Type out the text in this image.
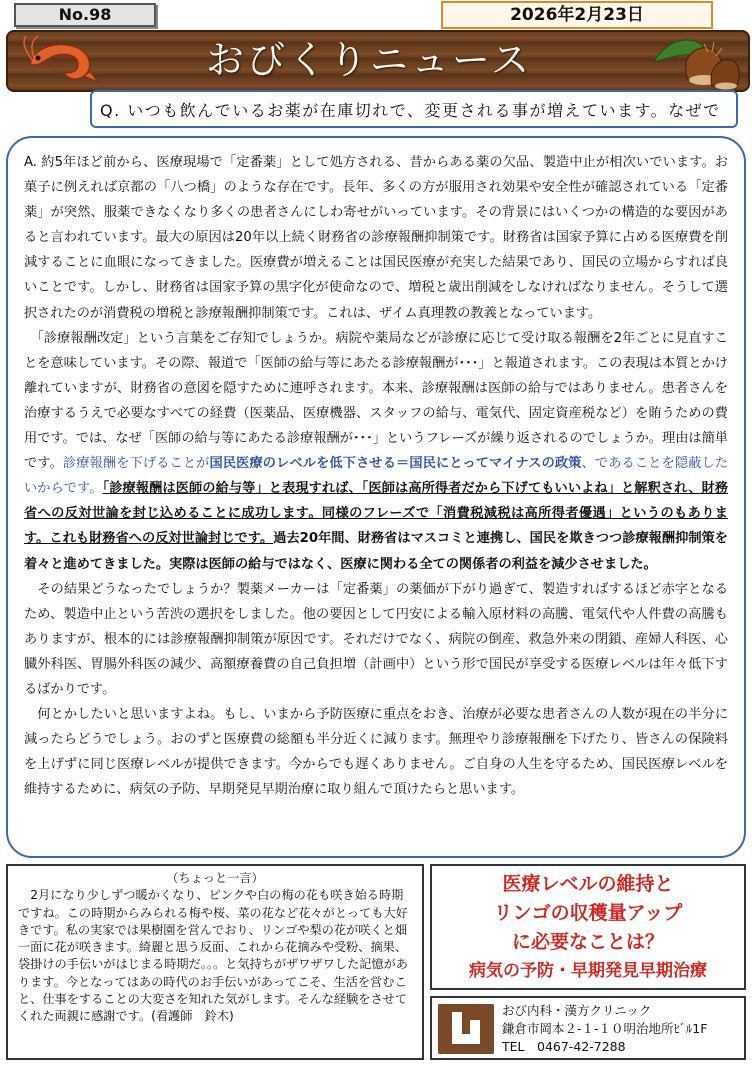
No.98	2026年2月23日
おびくりニュース
Q. いつも飲んでいるお薬が在庫切れで、変更される事が増えています。なぜで

A. 約5年ほど前から、医療現場で「定番薬」として処方される、昔からある薬の欠品、製造中止が相次いでいます。お菓子に例えれば京都の「八つ橋」のような存在です。長年、多くの方が服用され効果や安全性が確認されている「定番薬」が突然、服薬できなくなり多くの患者さんにしわ寄せがいっています。その背景にはいくつかの構造的な要因があると言われています。最大の原因は20年以上続く財務省の診療報酬抑制策です。財務省は国家予算に占める医療費を削減することに血眼になってきました。医療費が増えることは国民医療が充実した結果であり、国民の立場からすれば良いことです。しかし、財務省は国家予算の黒字化が使命なので、増税と歳出削減をしなければなりません。そうして選択されたのが消費税の増税と診療報酬抑制策です。これは、ザイム真理教の教義となっています。

　「診療報酬改定」という言葉をご存知でしょうか。病院や薬局などが診療に応じて受け取る報酬を2年ごとに見直すことを意味しています。その際、報道で「医師の給与等にあたる診療報酬が･･･」と報道されます。この表現は本質とかけ離れていますが、財務省の意図を隠すために連呼されます。本来、診療報酬は医師の給与ではありません。患者さんを治療するうえで必要なすべての経費（医薬品、医療機器、スタッフの給与、電気代、固定資産税など）を賄うための費用です。では、なぜ「医師の給与等にあたる診療報酬が･･･」というフレーズが繰り返されるのでしょうか。理由は簡単です。診療報酬を下げることが国民医療のレベルを低下させる＝国民にとってマイナスの政策、であることを隠蔽したいからです。「診療報酬は医師の給与等」と表現すれば、「医師は高所得者だから下げてもいいよね」と解釈され、財務省への反対世論を封じ込めることに成功します。同様のフレーズで「消費税減税は高所得者優遇」というのもあります。これも財務省への反対世論封じです。過去20年間、財務省はマスコミと連携し、国民を欺きつつ診療報酬抑制策を着々と進めてきました。実際は医師の給与ではなく、医療に関わる全ての関係者の利益を減少させました。

　その結果どうなったでしょうか？製薬メーカーは「定番薬」の薬価が下がり過ぎて、製造すればするほど赤字となるため、製造中止という苦渋の選択をしました。他の要因として円安による輸入原材料の高騰、電気代や人件費の高騰もありますが、根本的には診療報酬抑制策が原因です。それだけでなく、病院の倒産、救急外来の閉鎖、産婦人科医、心臓外科医、胃腸外科医の減少、高額療養費の自己負担増（計画中）という形で国民が享受する医療レベルは年々低下するばかりです。

　何とかしたいと思いますよね。もし、いまから予防医療に重点をおき、治療が必要な患者さんの人数が現在の半分に減ったらどうでしょう。おのずと医療費の総額も半分近くに減ります。無理やり診療報酬を下げたり、皆さんの保険料を上げずに同じ医療レベルが提供できます。今からでも遅くありません。ご自身の人生を守るため、国民医療レベルを維持するために、病気の予防、早期発見早期治療に取り組んで頂けたらと思います。

（ちょっと一言）

　2月になり少しずつ暖かくなり、ピンクや白の梅の花も咲き始る時期ですね。この時期からみられる梅や桜、菜の花など花々がとっても大好きです。私の実家では果樹園を営んでおり、リンゴや梨の花が咲くと畑一面に花が咲きます。綺麗と思う反面、これから花摘みや受粉、摘果、袋掛けの手伝いがはじまる時期だ。。。と気持ちがザワザワした記憶があります。今となってはあの時代のお手伝いがあってこそ、生活を営むこと、仕事をすることの大変さを知れた気がします。そんな経験をさせてくれた両親に感謝です。(看護師　鈴木)

医療レベルの維持と
リンゴの収穫量アップ
に必要なことは？
病気の予防・早期発見早期治療
おび内科・漢方クリニック
鎌倉市岡本２-１-１０明治地所ﾋﾞﾙ1F
TEL　0467-42-7288
